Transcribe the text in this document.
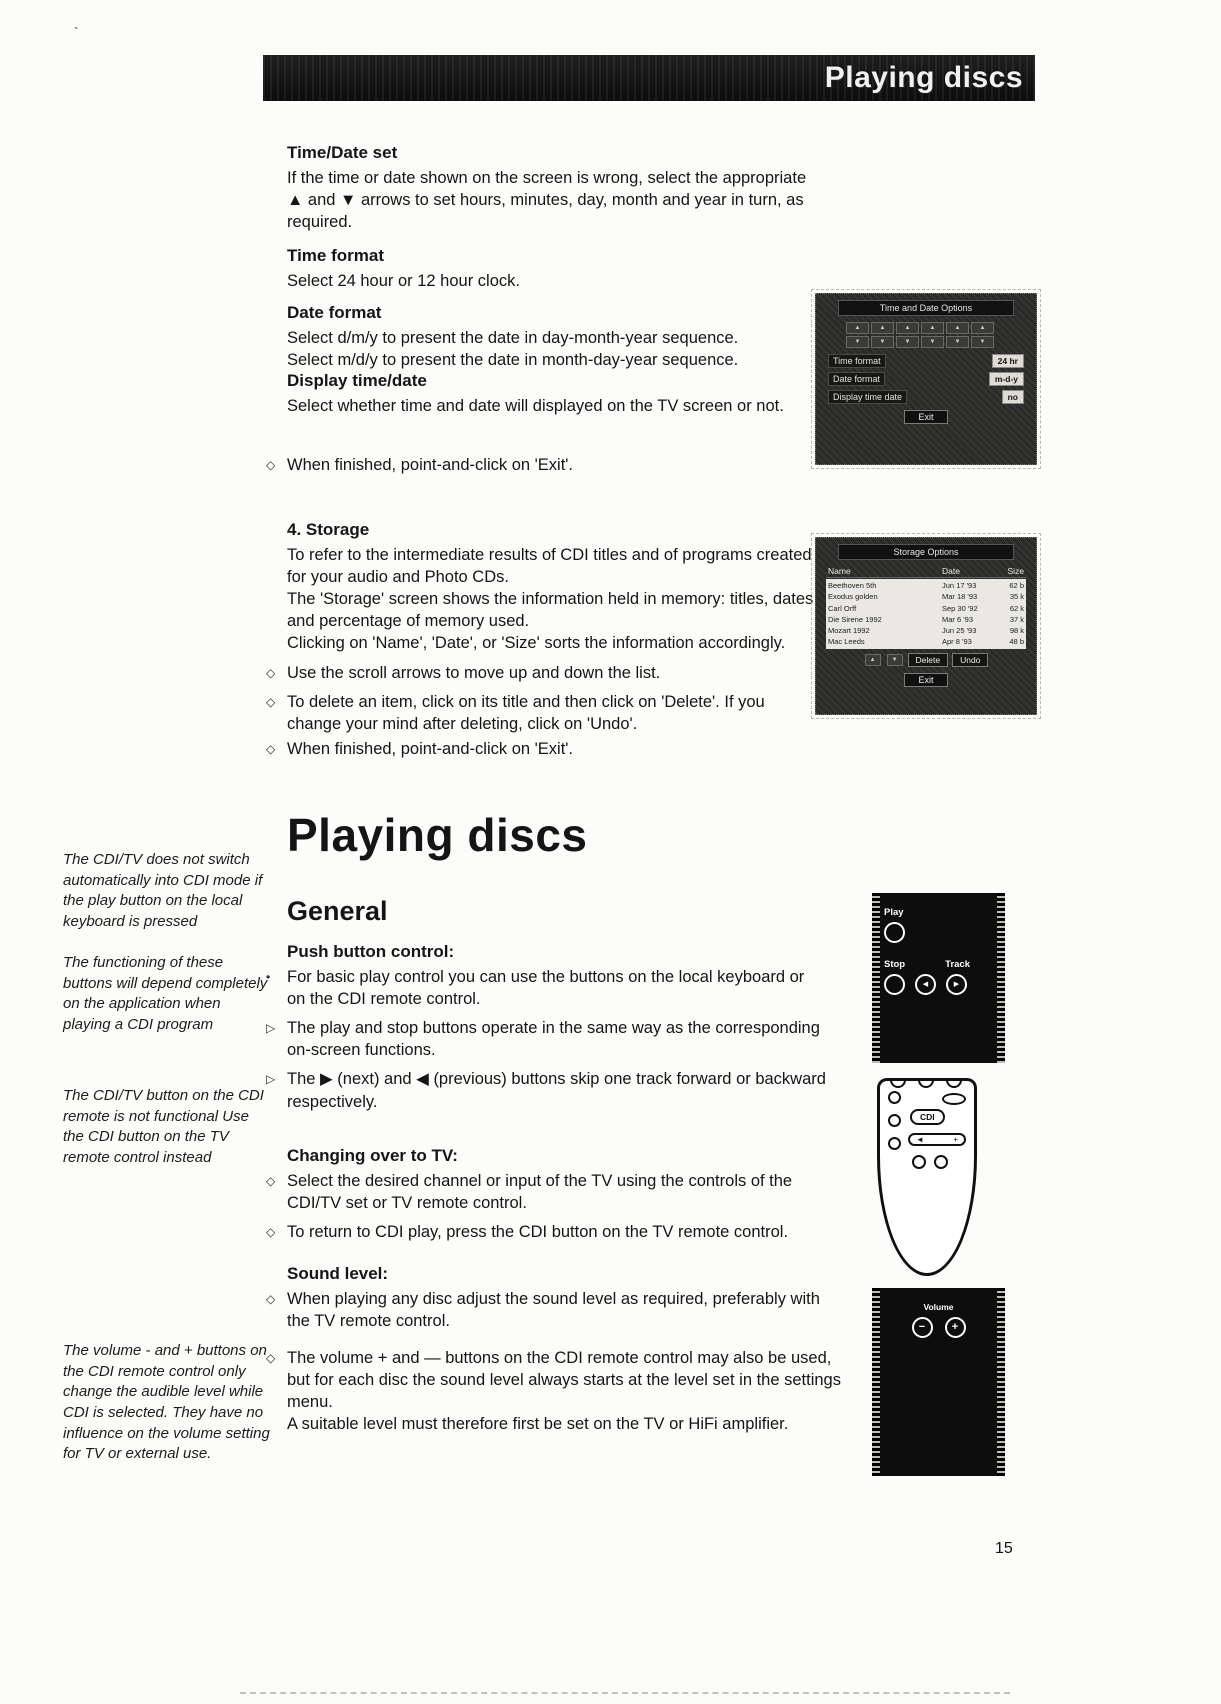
`
Playing discs
Time/Date set
If the time or date shown on the screen is wrong, select the appropriate ▲ and ▼ arrows to set hours, minutes, day, month and year in turn, as required.
Time format
Select 24 hour or 12 hour clock.
Date format
Select d/m/y to present the date in day-month-year sequence. Select m/d/y to present the date in month-day-year sequence.
Display time/date
Select whether time and date will displayed on the TV screen or not.
◇ When finished, point-and-click on 'Exit'.
4. Storage
To refer to the intermediate results of CDI titles and of programs created for your audio and Photo CDs.
The 'Storage' screen shows the information held in memory: titles, dates and percentage of memory used.
Clicking on 'Name', 'Date', or 'Size' sorts the information accordingly.
◇ Use the scroll arrows to move up and down the list.
◇ To delete an item, click on its title and then click on 'Delete'. If you change your mind after deleting, click on 'Undo'.
◇ When finished, point-and-click on 'Exit'.
Playing discs
General
Push button control:
•	For basic play control you can use the buttons on the local keyboard or on the CDI remote control.
▷ The play and stop buttons operate in the same way as the corresponding on-screen functions.
▷ The ▶ (next) and ◀ (previous) buttons skip one track forward or backward respectively.
Changing over to TV:
◇ Select the desired channel or input of the TV using the controls of the CDI/TV set or TV remote control.
◇ To return to CDI play, press the CDI button on the TV remote control.
Sound level:
◇ When playing any disc adjust the sound level as required, preferably with the TV remote control.
◇ The volume + and — buttons on the CDI remote control may also be used, but for each disc the sound level always starts at the level set in the settings menu.
A suitable level must therefore first be set on the TV or HiFi amplifier.
The CDI/TV does not switch automatically into CDI mode if the play button on the local keyboard is pressed
The functioning of these buttons will depend completely on the application when playing a CDI program
The CDI/TV button on the CDI remote is not functional Use the CDI button on the TV remote control instead
The volume - and + buttons on the CDI remote control only change the audible level while CDI is selected. They have no influence on the volume setting for TV or external use.
Time and Date Options
▲	▲	▲	▲	▲	▲
▼	▼	▼	▼	▼	▼
Time format	24 hr
Date format	m-d-y
Display time date	no
Exit
Storage Options
Name	Date	Size
Beethoven 5th	Jun 17 '93	62 b
Exodus golden	Mar 18 '93	35 k
Carl Orff	Sep 30 '92	62 k
Die Sirene 1992	Mar 6 '93	37 k
Mozart 1992	Jun 25 '93	98 k
Mac Leeds	Apr 8 '93	48 b
▲	▼	Delete	Undo
Exit
Play
Stop	Track
◀	▶
CDI
◄	+
Volume
− +
15
